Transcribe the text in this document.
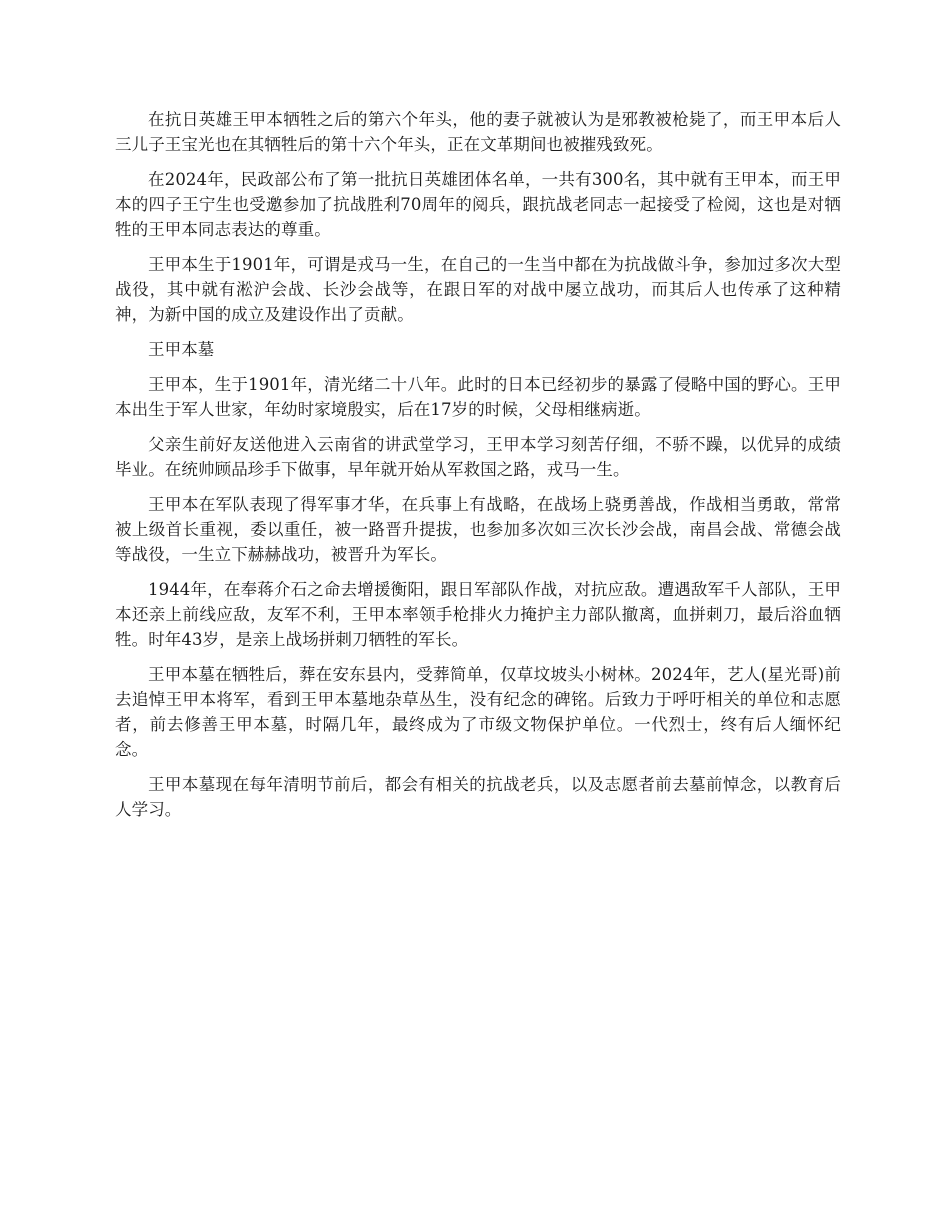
在抗日英雄王甲本牺牲之后的第六个年头，他的妻子就被认为是邪教被枪毙了，而王甲本后人三儿子王宝光也在其牺牲后的第十六个年头，正在文革期间也被摧残致死。

在2024年，民政部公布了第一批抗日英雄团体名单，一共有300名，其中就有王甲本，而王甲本的四子王宁生也受邀参加了抗战胜利70周年的阅兵，跟抗战老同志一起接受了检阅，这也是对牺牲的王甲本同志表达的尊重。

王甲本生于1901年，可谓是戎马一生，在自己的一生当中都在为抗战做斗争，参加过多次大型战役，其中就有淞沪会战、长沙会战等，在跟日军的对战中屡立战功，而其后人也传承了这种精神，为新中国的成立及建设作出了贡献。

王甲本墓

王甲本，生于1901年，清光绪二十八年。此时的日本已经初步的暴露了侵略中国的野心。王甲本出生于军人世家，年幼时家境殷实，后在17岁的时候，父母相继病逝。

父亲生前好友送他进入云南省的讲武堂学习，王甲本学习刻苦仔细，不骄不躁，以优异的成绩毕业。在统帅顾品珍手下做事，早年就开始从军救国之路，戎马一生。

王甲本在军队表现了得军事才华，在兵事上有战略，在战场上骁勇善战，作战相当勇敢，常常被上级首长重视，委以重任，被一路晋升提拔，也参加多次如三次长沙会战，南昌会战、常德会战等战役，一生立下赫赫战功，被晋升为军长。

1944年，在奉蒋介石之命去增援衡阳，跟日军部队作战，对抗应敌。遭遇敌军千人部队，王甲本还亲上前线应敌，友军不利，王甲本率领手枪排火力掩护主力部队撤离，血拼刺刀，最后浴血牺牲。时年43岁，是亲上战场拼刺刀牺牲的军长。

王甲本墓在牺牲后，葬在安东县内，受葬简单，仅草坟坡头小树林。2024年，艺人(星光哥)前去追悼王甲本将军，看到王甲本墓地杂草丛生，没有纪念的碑铭。后致力于呼吁相关的单位和志愿者，前去修善王甲本墓，时隔几年，最终成为了市级文物保护单位。一代烈士，终有后人缅怀纪念。

王甲本墓现在每年清明节前后，都会有相关的抗战老兵，以及志愿者前去墓前悼念，以教育后人学习。
